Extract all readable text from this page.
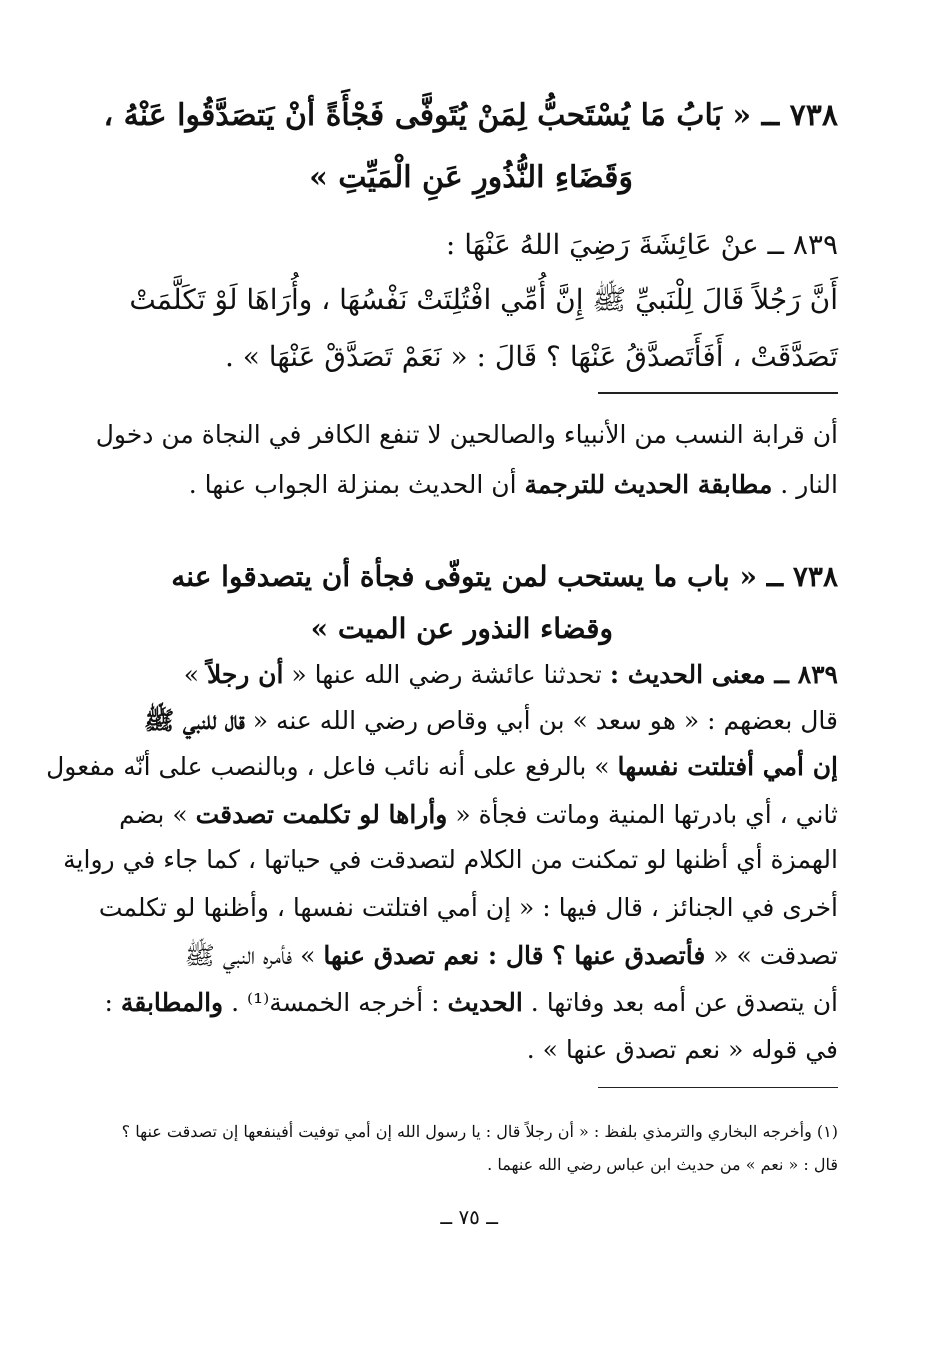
٧٣٨ ــ « بَابُ مَا يُسْتَحبُّ لِمَنْ يُتَوفَّى فَجْأَةً أنْ يَتصَدَّقُوا عَنْهُ ،
وَقَضَاءِ النُّذُورِ عَنِ الْمَيِّتِ »
٨٣٩ ــ عنْ عَائِشَةَ رَضِيَ اللهُ عَنْهَا :
أَنَّ رَجُلاً قَالَ لِلْنَبيِّ ﷺ إِنَّ أُمِّي افْتُلِتَتْ نَفْسُهَا ، وأُرَاهَا لَوْ تَكَلَّمَتْ
تَصَدَّقَتْ ، أَفَأَتَصدَّقُ عَنْهَا ؟ قَالَ : « نَعَمْ تَصَدَّقْ عَنْهَا » .
أن قرابة النسب من الأنبياء والصالحين لا تنفع الكافر في النجاة من دخول
النار . مطابقة الحديث للترجمة أن الحديث بمنزلة الجواب عنها .
٧٣٨ ــ « باب ما يستحب لمن يتوفّى فجأة أن يتصدقوا عنه
وقضاء النذور عن الميت »
٨٣٩ ــ معنى الحديث : تحدثنا عائشة رضي الله عنها « أن رجلاً »
قال بعضهم : « هو سعد » بن أبي وقاص رضي الله عنه « قال للنبي ﷺ
إن أمي أفتلتت نفسها » بالرفع على أنه نائب فاعل ، وبالنصب على أنّه مفعول
ثاني ، أي بادرتها المنية وماتت فجأة « وأراها لو تكلمت تصدقت » بضم
الهمزة أي أظنها لو تمكنت من الكلام لتصدقت في حياتها ، كما جاء في رواية
أخرى في الجنائز ، قال فيها : « إن أمي افتلتت نفسها ، وأظنها لو تكلمت
تصدقت » « فأتصدق عنها ؟ قال : نعم تصدق عنها » فأمره النبي ﷺ
أن يتصدق عن أمه بعد وفاتها . الحديث : أخرجه الخمسة⁽¹⁾ . والمطابقة :
في قوله « نعم تصدق عنها » .
(١) وأخرجه البخاري والترمذي بلفظ : « أن رجلاً قال : يا رسول الله إن أمي توفيت أفينفعها إن تصدقت عنها ؟
قال : « نعم » من حديث ابن عباس رضي الله عنهما .
ــ ٧٥ ــ
